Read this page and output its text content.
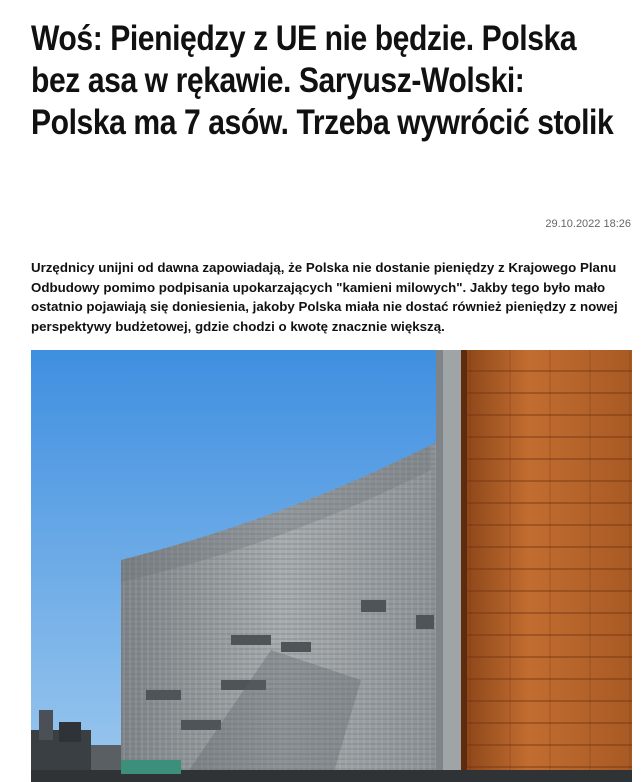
Woś: Pieniędzy z UE nie będzie. Polska bez asa w rękawie. Saryusz-Wolski: Polska ma 7 asów. Trzeba wywrócić stolik
29.10.2022 18:26

Urzędnicy unijni od dawna zapowiadają, że Polska nie dostanie pieniędzy z Krajowego Planu Odbudowy pomimo podpisania upokarzających "kamieni milowych". Jakby tego było mało ostatnio pojawiają się doniesienia, jakoby Polska miała nie dostać również pieniędzy z nowej perspektywy budżetowej, gdzie chodzi o kwotę znacznie większą.
